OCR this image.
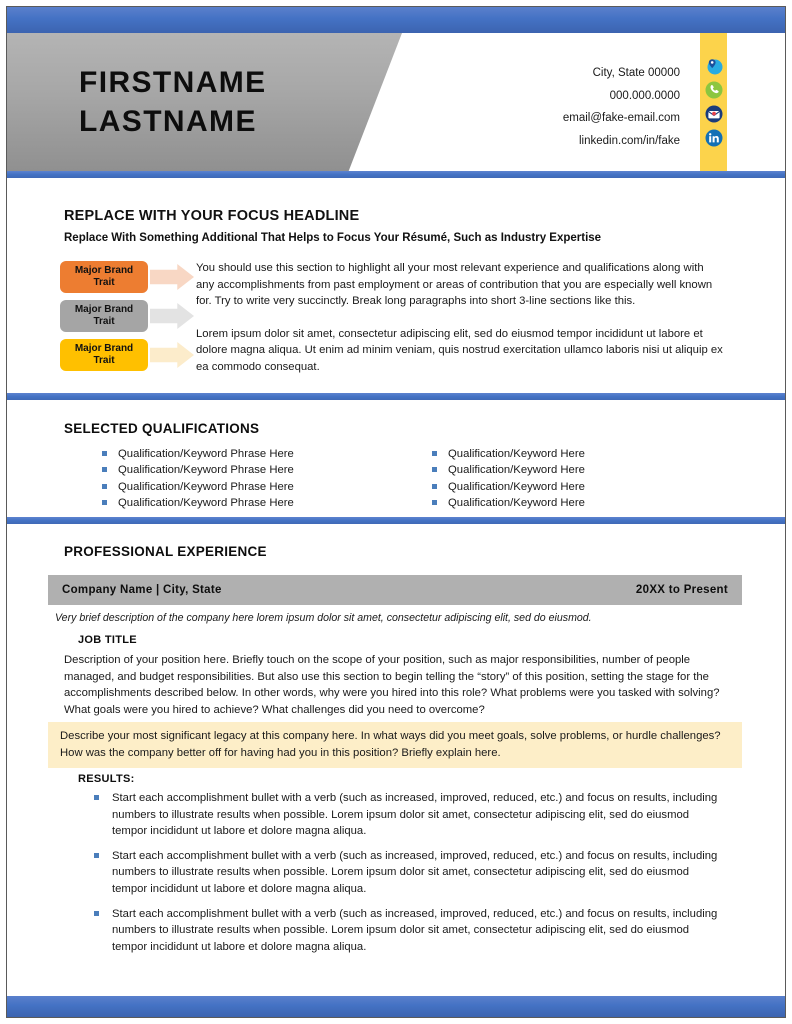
FIRSTNAME
LASTNAME
City, State 00000
000.000.0000
email@fake-email.com
linkedin.com/in/fake
REPLACE WITH YOUR FOCUS HEADLINE
Replace With Something Additional That Helps to Focus Your Résumé, Such as Industry Expertise
Major Brand Trait
Major Brand Trait
Major Brand Trait

You should use this section to highlight all your most relevant experience and qualifications along with any accomplishments from past employment or areas of contribution that you are especially well known for. Try to write very succinctly. Break long paragraphs into short 3-line sections like this.

Lorem ipsum dolor sit amet, consectetur adipiscing elit, sed do eiusmod tempor incididunt ut labore et dolore magna aliqua. Ut enim ad minim veniam, quis nostrud exercitation ullamco laboris nisi ut aliquip ex ea commodo consequat.

SELECTED QUALIFICATIONS
Qualification/Keyword Phrase Here
Qualification/Keyword Phrase Here
Qualification/Keyword Phrase Here
Qualification/Keyword Phrase Here
Qualification/Keyword Here
Qualification/Keyword Here
Qualification/Keyword Here
Qualification/Keyword Here
PROFESSIONAL EXPERIENCE
Company Name | City, State	20XX to Present
Very brief description of the company here lorem ipsum dolor sit amet, consectetur adipiscing elit, sed do eiusmod.
JOB TITLE
Description of your position here. Briefly touch on the scope of your position, such as major responsibilities, number of people managed, and budget responsibilities. But also use this section to begin telling the “story” of this position, setting the stage for the accomplishments described below. In other words, why were you hired into this role? What problems were you tasked with solving? What goals were you hired to achieve? What challenges did you need to overcome?
Describe your most significant legacy at this company here. In what ways did you meet goals, solve problems, or hurdle challenges? How was the company better off for having had you in this position? Briefly explain here.
RESULTS:
Start each accomplishment bullet with a verb (such as increased, improved, reduced, etc.) and focus on results, including numbers to illustrate results when possible. Lorem ipsum dolor sit amet, consectetur adipiscing elit, sed do eiusmod tempor incididunt ut labore et dolore magna aliqua.
Start each accomplishment bullet with a verb (such as increased, improved, reduced, etc.) and focus on results, including numbers to illustrate results when possible. Lorem ipsum dolor sit amet, consectetur adipiscing elit, sed do eiusmod tempor incididunt ut labore et dolore magna aliqua.
Start each accomplishment bullet with a verb (such as increased, improved, reduced, etc.) and focus on results, including numbers to illustrate results when possible. Lorem ipsum dolor sit amet, consectetur adipiscing elit, sed do eiusmod tempor incididunt ut labore et dolore magna aliqua.
